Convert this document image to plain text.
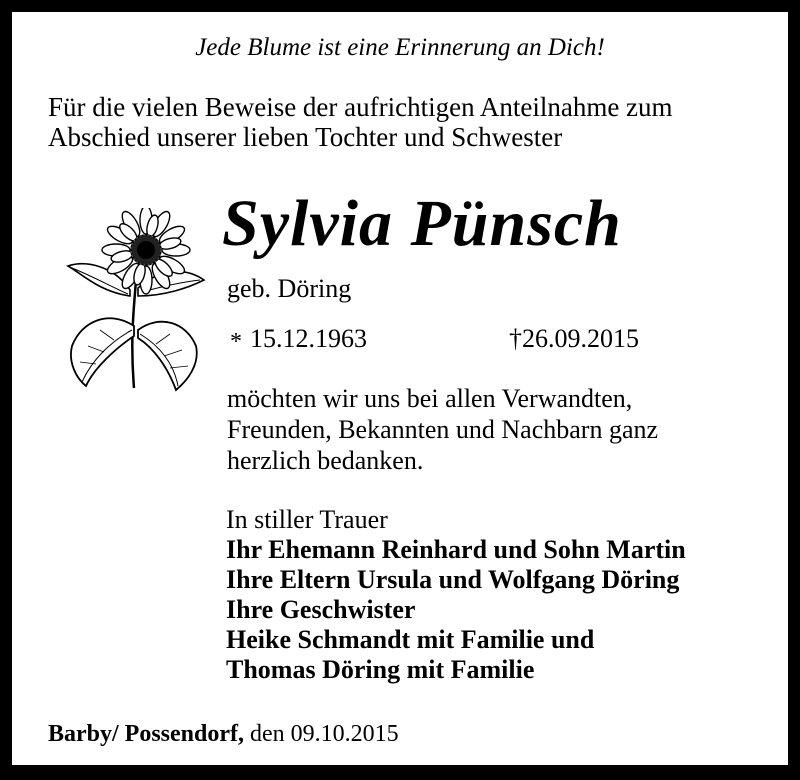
Jede Blume ist eine Erinnerung an Dich!
Für die vielen Beweise der aufrichtigen Anteilnahme zum
Abschied unserer lieben Tochter und Schwester
Sylvia Pünsch
geb. Döring
* 15.12.1963	†26.09.2015
möchten wir uns bei allen Verwandten,
Freunden, Bekannten und Nachbarn ganz
herzlich bedanken.
In stiller Trauer
Ihr Ehemann Reinhard und Sohn Martin
Ihre Eltern Ursula und Wolfgang Döring
Ihre Geschwister
Heike Schmandt mit Familie und
Thomas Döring mit Familie
Barby/ Possendorf, den 09.10.2015
